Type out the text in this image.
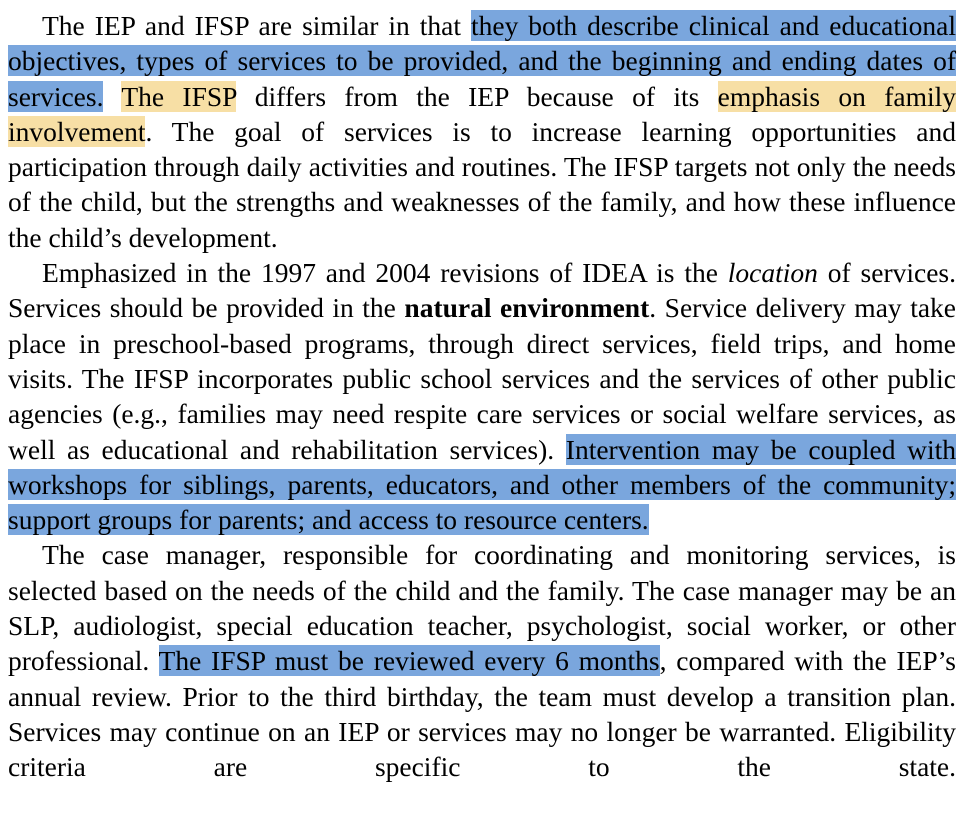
The IEP and IFSP are similar in that they both describe clinical and educational objectives, types of services to be provided, and the beginning and ending dates of services. The IFSP differs from the IEP because of its emphasis on family involvement. The goal of services is to increase learning opportunities and participation through daily activities and routines. The IFSP targets not only the needs of the child, but the strengths and weaknesses of the family, and how these influence the child’s development.

Emphasized in the 1997 and 2004 revisions of IDEA is the location of services. Services should be provided in the natural environment. Service delivery may take place in preschool-based programs, through direct services, field trips, and home visits. The IFSP incorporates public school services and the services of other public agencies (e.g., families may need respite care services or social welfare services, as well as educational and rehabilitation services). Intervention may be coupled with workshops for siblings, parents, educators, and other members of the community; support groups for parents; and access to resource centers.

The case manager, responsible for coordinating and monitoring services, is selected based on the needs of the child and the family. The case manager may be an SLP, audiologist, special education teacher, psychologist, social worker, or other professional. The IFSP must be reviewed every 6 months, compared with the IEP’s annual review. Prior to the third birthday, the team must develop a transition plan. Services may continue on an IEP or services may no longer be warranted. Eligibility criteria are specific to the state.
